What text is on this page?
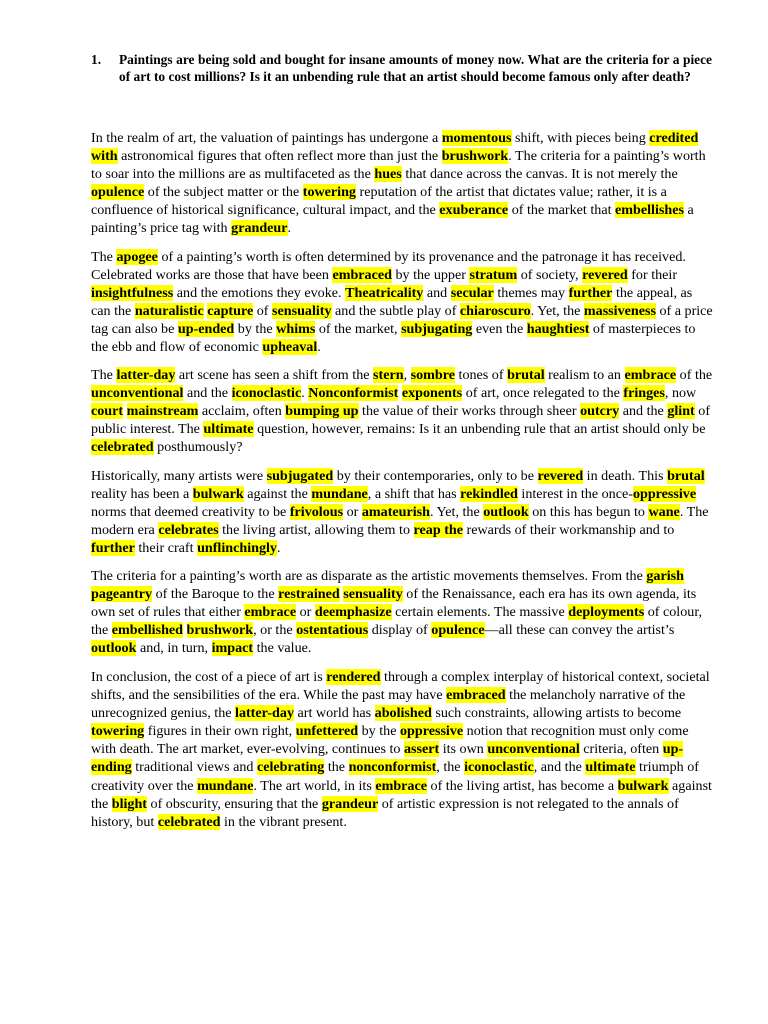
1. Paintings are being sold and bought for insane amounts of money now. What are the criteria for a piece of art to cost millions? Is it an unbending rule that an artist should become famous only after death?

In the realm of art, the valuation of paintings has undergone a momentous shift, with pieces being credited with astronomical figures that often reflect more than just the brushwork. The criteria for a painting’s worth to soar into the millions are as multifaceted as the hues that dance across the canvas. It is not merely the opulence of the subject matter or the towering reputation of the artist that dictates value; rather, it is a confluence of historical significance, cultural impact, and the exuberance of the market that embellishes a painting’s price tag with grandeur.

The apogee of a painting’s worth is often determined by its provenance and the patronage it has received. Celebrated works are those that have been embraced by the upper stratum of society, revered for their insightfulness and the emotions they evoke. Theatricality and secular themes may further the appeal, as can the naturalistic capture of sensuality and the subtle play of chiaroscuro. Yet, the massiveness of a price tag can also be up-ended by the whims of the market, subjugating even the haughtiest of masterpieces to the ebb and flow of economic upheaval.

The latter-day art scene has seen a shift from the stern, sombre tones of brutal realism to an embrace of the unconventional and the iconoclastic. Nonconformist exponents of art, once relegated to the fringes, now court mainstream acclaim, often bumping up the value of their works through sheer outcry and the glint of public interest. The ultimate question, however, remains: Is it an unbending rule that an artist should only be celebrated posthumously?

Historically, many artists were subjugated by their contemporaries, only to be revered in death. This brutal reality has been a bulwark against the mundane, a shift that has rekindled interest in the once-oppressive norms that deemed creativity to be frivolous or amateurish. Yet, the outlook on this has begun to wane. The modern era celebrates the living artist, allowing them to reap the rewards of their workmanship and to further their craft unflinchingly.

The criteria for a painting’s worth are as disparate as the artistic movements themselves. From the garish pageantry of the Baroque to the restrained sensuality of the Renaissance, each era has its own agenda, its own set of rules that either embrace or deemphasize certain elements. The massive deployments of colour, the embellished brushwork, or the ostentatious display of opulence—all these can convey the artist’s outlook and, in turn, impact the value.

In conclusion, the cost of a piece of art is rendered through a complex interplay of historical context, societal shifts, and the sensibilities of the era. While the past may have embraced the melancholy narrative of the unrecognized genius, the latter-day art world has abolished such constraints, allowing artists to become towering figures in their own right, unfettered by the oppressive notion that recognition must only come with death. The art market, ever-evolving, continues to assert its own unconventional criteria, often up-ending traditional views and celebrating the nonconformist, the iconoclastic, and the ultimate triumph of creativity over the mundane. The art world, in its embrace of the living artist, has become a bulwark against the blight of obscurity, ensuring that the grandeur of artistic expression is not relegated to the annals of history, but celebrated in the vibrant present.
